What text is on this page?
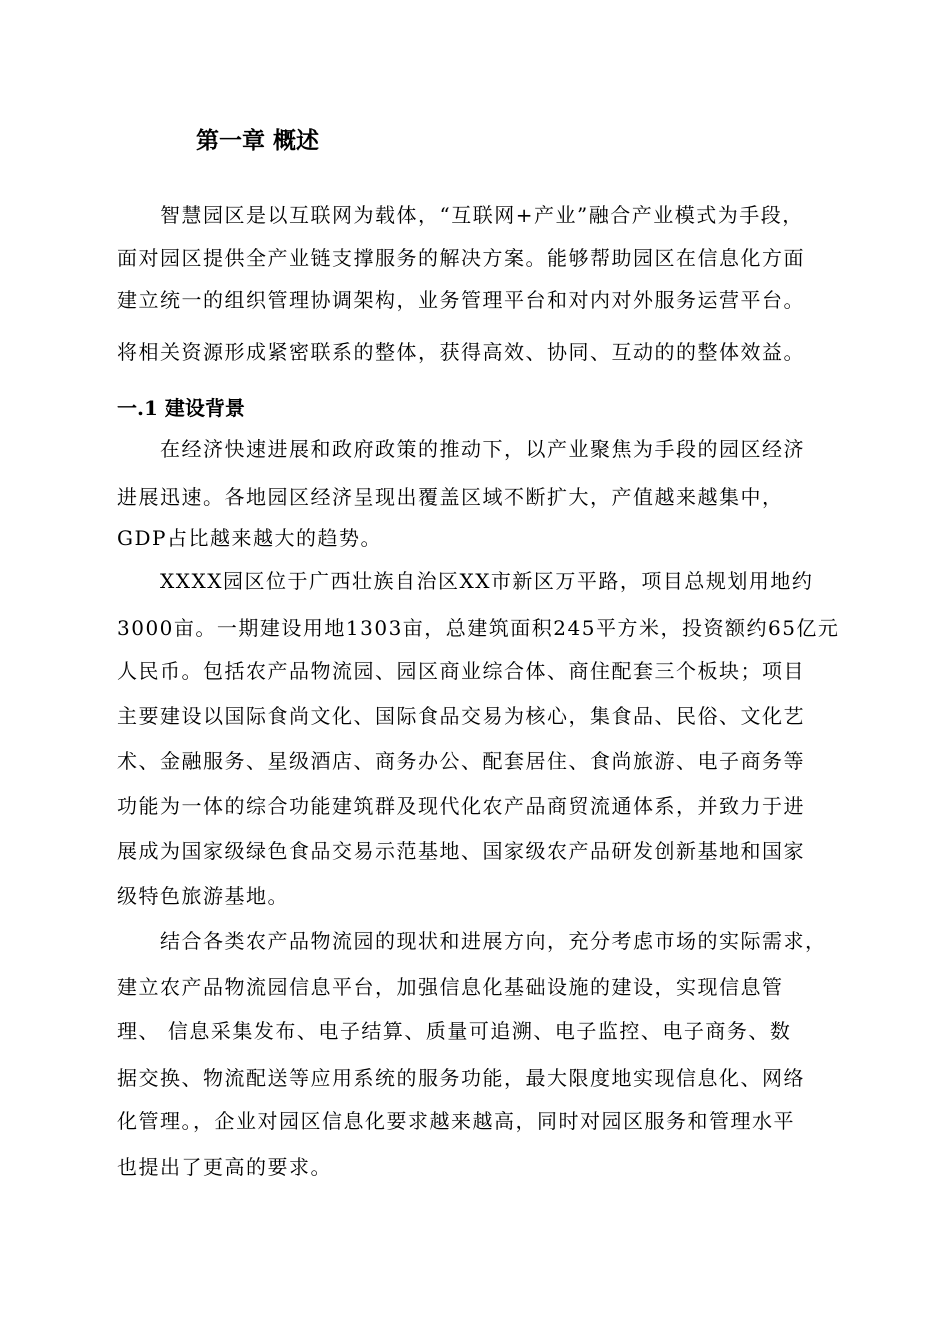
第一章 概述
智慧园区是以互联网为载体，“互联网+产业”融合产业模式为手段，
面对园区提供全产业链支撑服务的解决方案。能够帮助园区在信息化方面
建立统一的组织管理协调架构，业务管理平台和对内对外服务运营平台。
将相关资源形成紧密联系的整体，获得高效、协同、互动的的整体效益。
一.1 建设背景
在经济快速进展和政府政策的推动下，以产业聚焦为手段的园区经济
进展迅速。各地园区经济呈现出覆盖区域不断扩大，产值越来越集中，
GDP占比越来越大的趋势。
XXXX园区位于广西壮族自治区XX市新区万平路，项目总规划用地约
3000亩。一期建设用地1303亩，总建筑面积245平方米，投资额约65亿元
人民币。包括农产品物流园、园区商业综合体、商住配套三个板块；项目
主要建设以国际食尚文化、国际食品交易为核心，集食品、民俗、文化艺
术、金融服务、星级酒店、商务办公、配套居住、食尚旅游、电子商务等
功能为一体的综合功能建筑群及现代化农产品商贸流通体系，并致力于进
展成为国家级绿色食品交易示范基地、国家级农产品研发创新基地和国家
级特色旅游基地。
结合各类农产品物流园的现状和进展方向，充分考虑市场的实际需求，
建立农产品物流园信息平台，加强信息化基础设施的建设，实现信息管
理、 信息采集发布、电子结算、质量可追溯、电子监控、电子商务、数
据交换、物流配送等应用系统的服务功能，最大限度地实现信息化、网络
化管理。，企业对园区信息化要求越来越高，同时对园区服务和管理水平
也提出了更高的要求。
